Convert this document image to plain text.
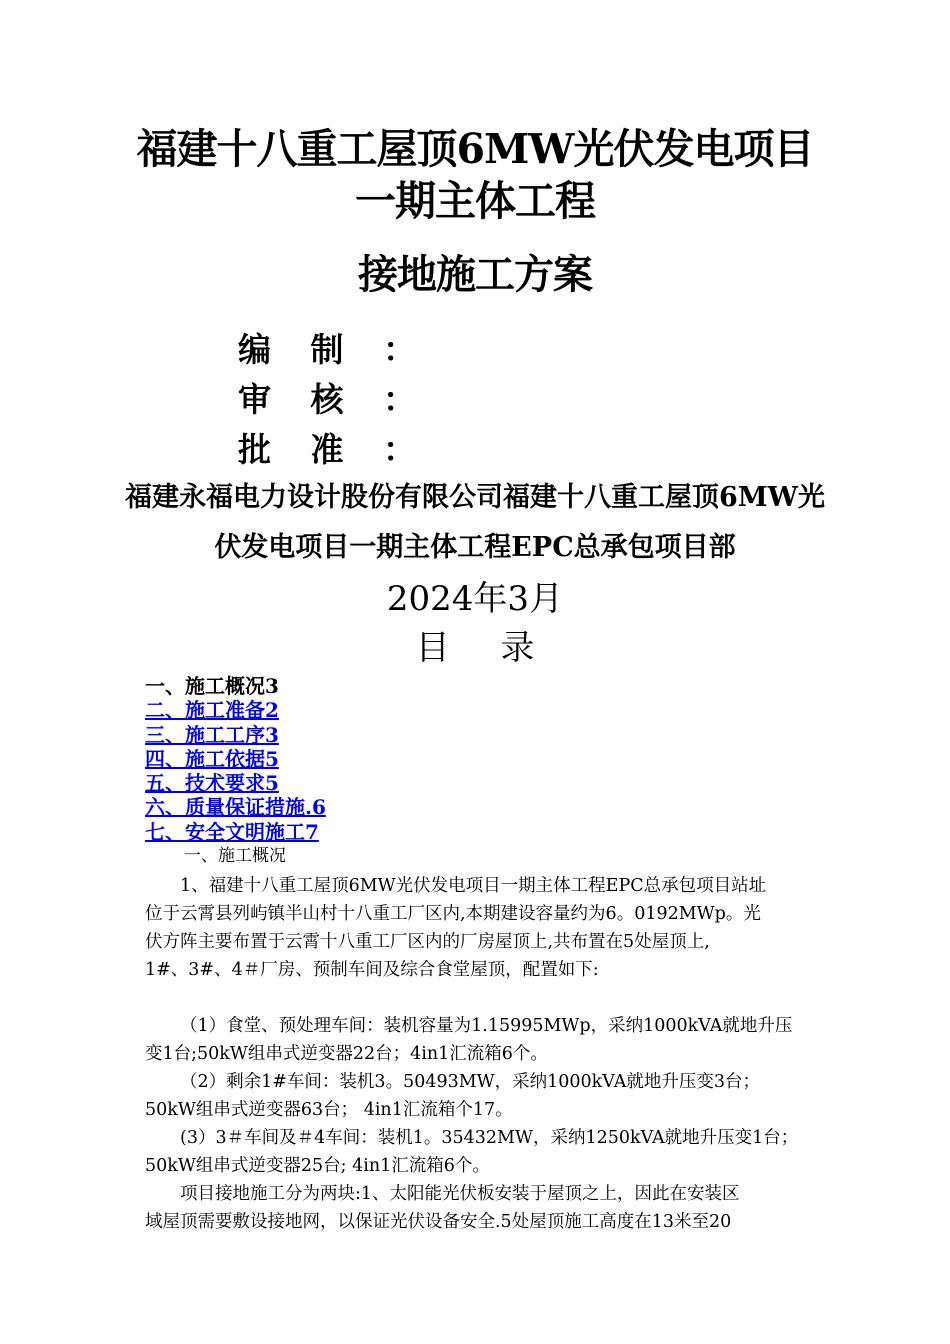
福建十八重工屋顶6MW光伏发电项目
一期主体工程
接地施工方案
编 制 ：
审 核 ：
批 准 ：
福建永福电力设计股份有限公司福建十八重工屋顶6MW光
伏发电项目一期主体工程EPC总承包项目部
2024年3月
目 录
一、施工概况3
二、施工准备2
三、施工工序3
四、施工依据5
五、技术要求5
六、质量保证措施.6
七、安全文明施工7
一、施工概况
1、福建十八重工屋顶6MW光伏发电项目一期主体工程EPC总承包项目站址
位于云霄县列屿镇半山村十八重工厂区内,本期建设容量约为6。0192MWp。光
伏方阵主要布置于云霄十八重工厂区内的厂房屋顶上,共布置在5处屋顶上,
1#、3#、4＃厂房、预制车间及综合食堂屋顶，配置如下:
（1）食堂、预处理车间：装机容量为1.15995MWp，采纳1000kVA就地升压
变1台;50kW组串式逆变器22台；4in1汇流箱6个。
（2）剩余1#车间：装机3。50493MW，采纳1000kVA就地升压变3台；
50kW组串式逆变器63台； 4in1汇流箱个17。
(3）3＃车间及＃4车间：装机1。35432MW，采纳1250kVA就地升压变1台；
50kW组串式逆变器25台; 4in1汇流箱6个。
项目接地施工分为两块:1、太阳能光伏板安装于屋顶之上，因此在安装区
域屋顶需要敷设接地网，以保证光伏设备安全.5处屋顶施工高度在13米至20
